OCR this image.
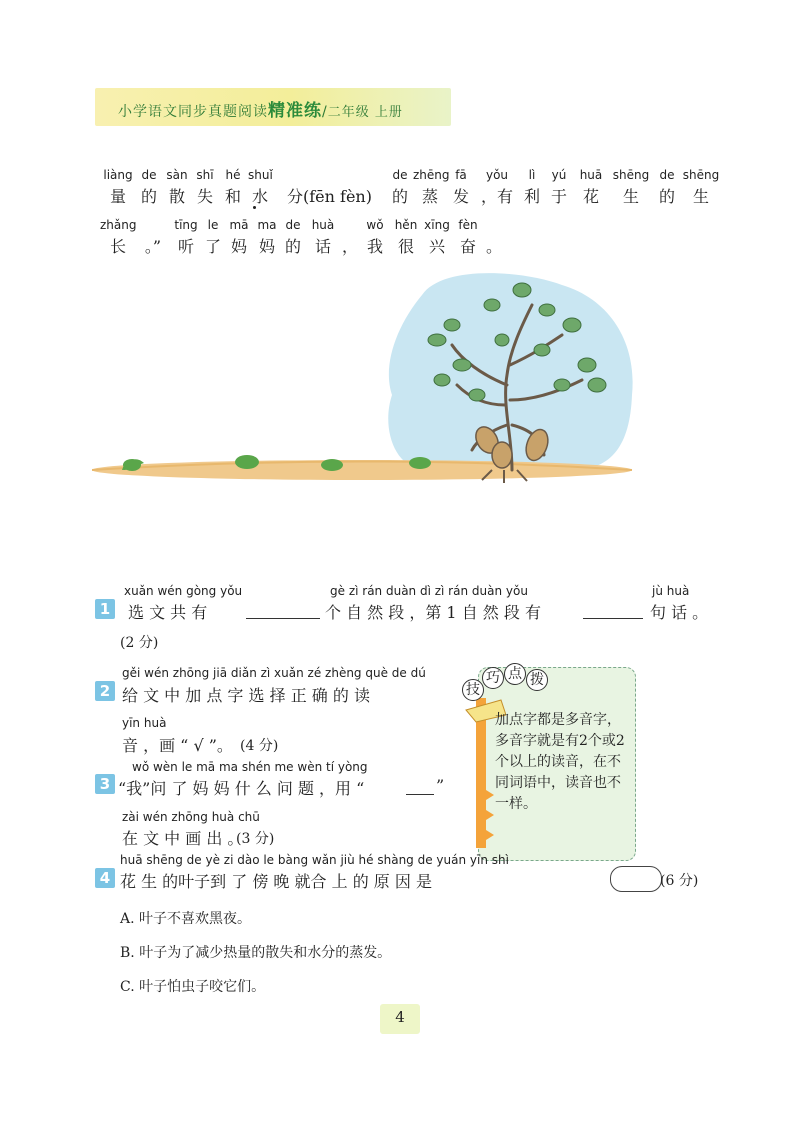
小学语文同步真题阅读精准练/二年级 上册
liàng de sàn shī hé shuǐ	de zhēng fā	yǒu	lì	yú	huā shēng de shēng
量 的 散 失 和 水	分(fēn fèn)	的 蒸 发 ，有 利 于 花	生	的	生
zhǎng	tīng le mā ma de huà	wǒ hěn xīng fèn
长	。”	听 了 妈 妈 的 话 ， 我 很 兴 奋 。
1
xuǎn wén gòng yǒu	gè zì rán duàn dì zì rán duàn yǒu	jù huà
选 文 共 有	个 自 然 段 ，第 1 自 然 段 有	句 话 。
(2 分)
2
gěi wén zhōng jiā diǎn zì xuǎn zé zhèng què de dú
给 文 中 加 点 字 选 择 正 确 的 读
yīn huà
音 ，画 “ √ ”。 (4 分)
3
wǒ wèn le mā ma shén me wèn tí yòng
“我”问 了 妈 妈 什 么 问 题 ，用 “	”
zài wén zhōng huà chū
在 文 中 画 出 。
(3 分)
技
巧 点 拨
加点字都是多音字，多音字就是有2个或2个以上的读音，在不同词语中，读音也不一样。
4
huā shēng de yè zi dào le bàng wǎn jiù hé shàng de yuán yīn shì
花 生 的叶子到 了 傍 晚 就合 上 的 原 因 是	(6 分)
A. 叶子不喜欢黑夜。
B. 叶子为了减少热量的散失和水分的蒸发。
C. 叶子怕虫子咬它们。
4
